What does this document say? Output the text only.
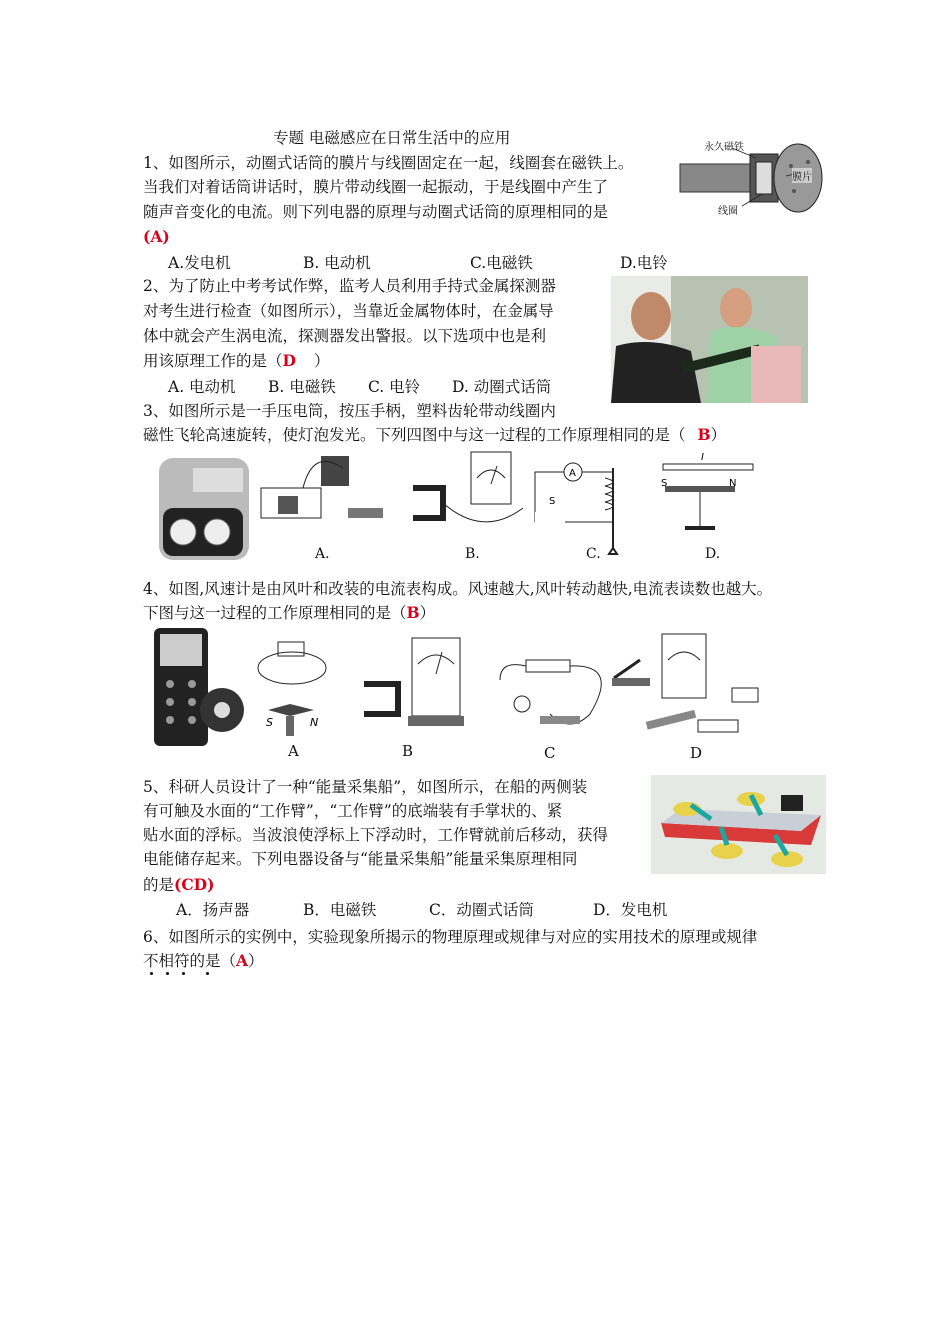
专题 电磁感应在日常生活中的应用
1、如图所示，动圈式话筒的膜片与线圈固定在一起，线圈套在磁铁上。
当我们对着话筒讲话时，膜片带动线圈一起振动，于是线圈中产生了
随声音变化的电流。则下列电器的原理与动圈式话筒的原理相同的是
(A)
A.发电机	B. 电动机	C.电磁铁	D.电铃
永久磁铁
膜片
线圈
2、为了防止中考考试作弊，监考人员利用手持式金属探测器
对考生进行检查（如图所示），当靠近金属物体时，在金属导
体中就会产生涡电流，探测器发出警报。以下选项中也是利
用该原理工作的是（D ）
A. 电动机 B. 电磁铁 C. 电铃 D. 动圈式话筒
3、如图所示是一手压电筒，按压手柄，塑料齿轮带动线圈内
磁性飞轮高速旋转，使灯泡发光。下列四图中与这一过程的工作原理相同的是（ B）
A
S
I
S	N
A.	B.	C.	D.
4、如图,风速计是由风叶和改装的电流表构成。风速越大,风叶转动越快,电流表读数也越大。
下图与这一过程的工作原理相同的是（B）
S	N
A	B	C	D
5、科研人员设计了一种“能量采集船”，如图所示，在船的两侧装
有可触及水面的“工作臂”，“工作臂”的底端装有手掌状的、紧
贴水面的浮标。当波浪使浮标上下浮动时，工作臂就前后移动，获得
电能储存起来。下列电器设备与“能量采集船”能量采集原理相同
的是(CD)
A．扬声器	B．电磁铁	C．动圈式话筒	D．发电机
6、如图所示的实例中，实验现象所揭示的物理原理或规律与对应的实用技术的原理或规律
不相符的是（A）
